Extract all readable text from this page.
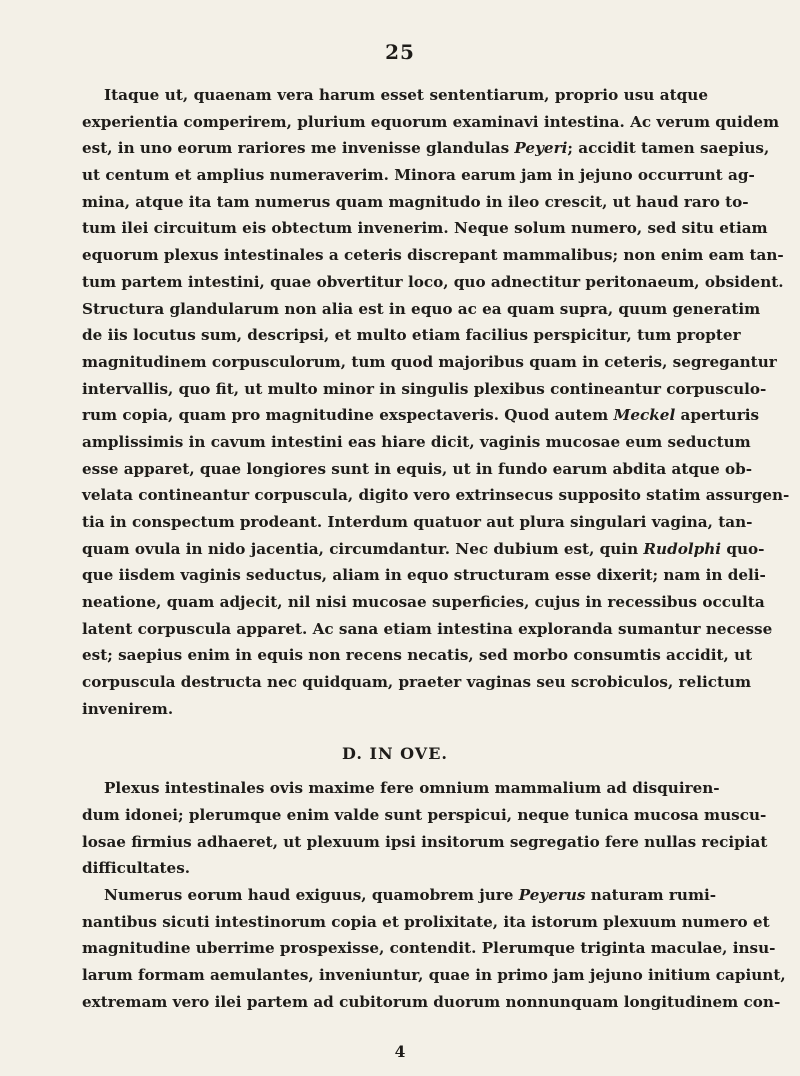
25
Itaque ut, quaenam vera harum esset sententiarum, proprio usu atque
experientia comperirem, plurium equorum examinavi intestina. Ac verum quidem
est, in uno eorum rariores me invenisse glandulas Peyeri; accidit tamen saepius,
ut centum et amplius numeraverim. Minora earum jam in jejuno occurrunt ag-
mina, atque ita tam numerus quam magnitudo in ileo crescit, ut haud raro to-
tum ilei circuitum eis obtectum invenerim. Neque solum numero, sed situ etiam
equorum plexus intestinales a ceteris discrepant mammalibus; non enim eam tan-
tum partem intestini, quae obvertitur loco, quo adnectitur peritonaeum, obsident.
Structura glandularum non alia est in equo ac ea quam supra, quum generatim
de iis locutus sum, descripsi, et multo etiam facilius perspicitur, tum propter
magnitudinem corpusculorum, tum quod majoribus quam in ceteris, segregantur
intervallis, quo fit, ut multo minor in singulis plexibus contineantur corpusculo-
rum copia, quam pro magnitudine exspectaveris. Quod autem Meckel aperturis
amplissimis in cavum intestini eas hiare dicit, vaginis mucosae eum seductum
esse apparet, quae longiores sunt in equis, ut in fundo earum abdita atque ob-
velata contineantur corpuscula, digito vero extrinsecus supposito statim assurgen-
tia in conspectum prodeant. Interdum quatuor aut plura singulari vagina, tan-
quam ovula in nido jacentia, circumdantur. Nec dubium est, quin Rudolphi quo-
que iisdem vaginis seductus, aliam in equo structuram esse dixerit; nam in deli-
neatione, quam adjecit, nil nisi mucosae superficies, cujus in recessibus occulta
latent corpuscula apparet. Ac sana etiam intestina exploranda sumantur necesse
est; saepius enim in equis non recens necatis, sed morbo consumtis accidit, ut
corpuscula destructa nec quidquam, praeter vaginas seu scrobiculos, relictum
invenirem.
D. IN OVE.
Plexus intestinales ovis maxime fere omnium mammalium ad disquiren-
dum idonei; plerumque enim valde sunt perspicui, neque tunica mucosa muscu-
losae firmius adhaeret, ut plexuum ipsi insitorum segregatio fere nullas recipiat
difficultates.
Numerus eorum haud exiguus, quamobrem jure Peyerus naturam rumi-
nantibus sicuti intestinorum copia et prolixitate, ita istorum plexuum numero et
magnitudine uberrime prospexisse, contendit. Plerumque triginta maculae, insu-
larum formam aemulantes, inveniuntur, quae in primo jam jejuno initium capiunt,
extremam vero ilei partem ad cubitorum duorum nonnunquam longitudinem con-
4
